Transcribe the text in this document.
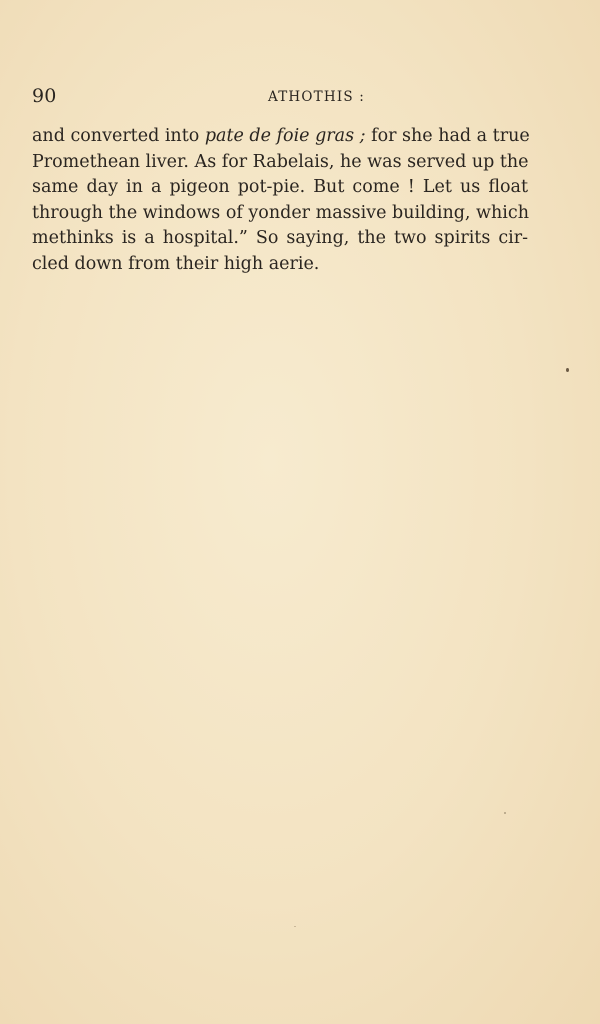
90	ATHOTHIS :
and converted into pate de foie gras ; for she had a true
Promethean liver. As for Rabelais, he was served up the
same day in a pigeon pot-pie. But come ! Let us float
through the windows of yonder massive building, which
methinks is a hospital.” So saying, the two spirits cir-
cled down from their high aerie.
